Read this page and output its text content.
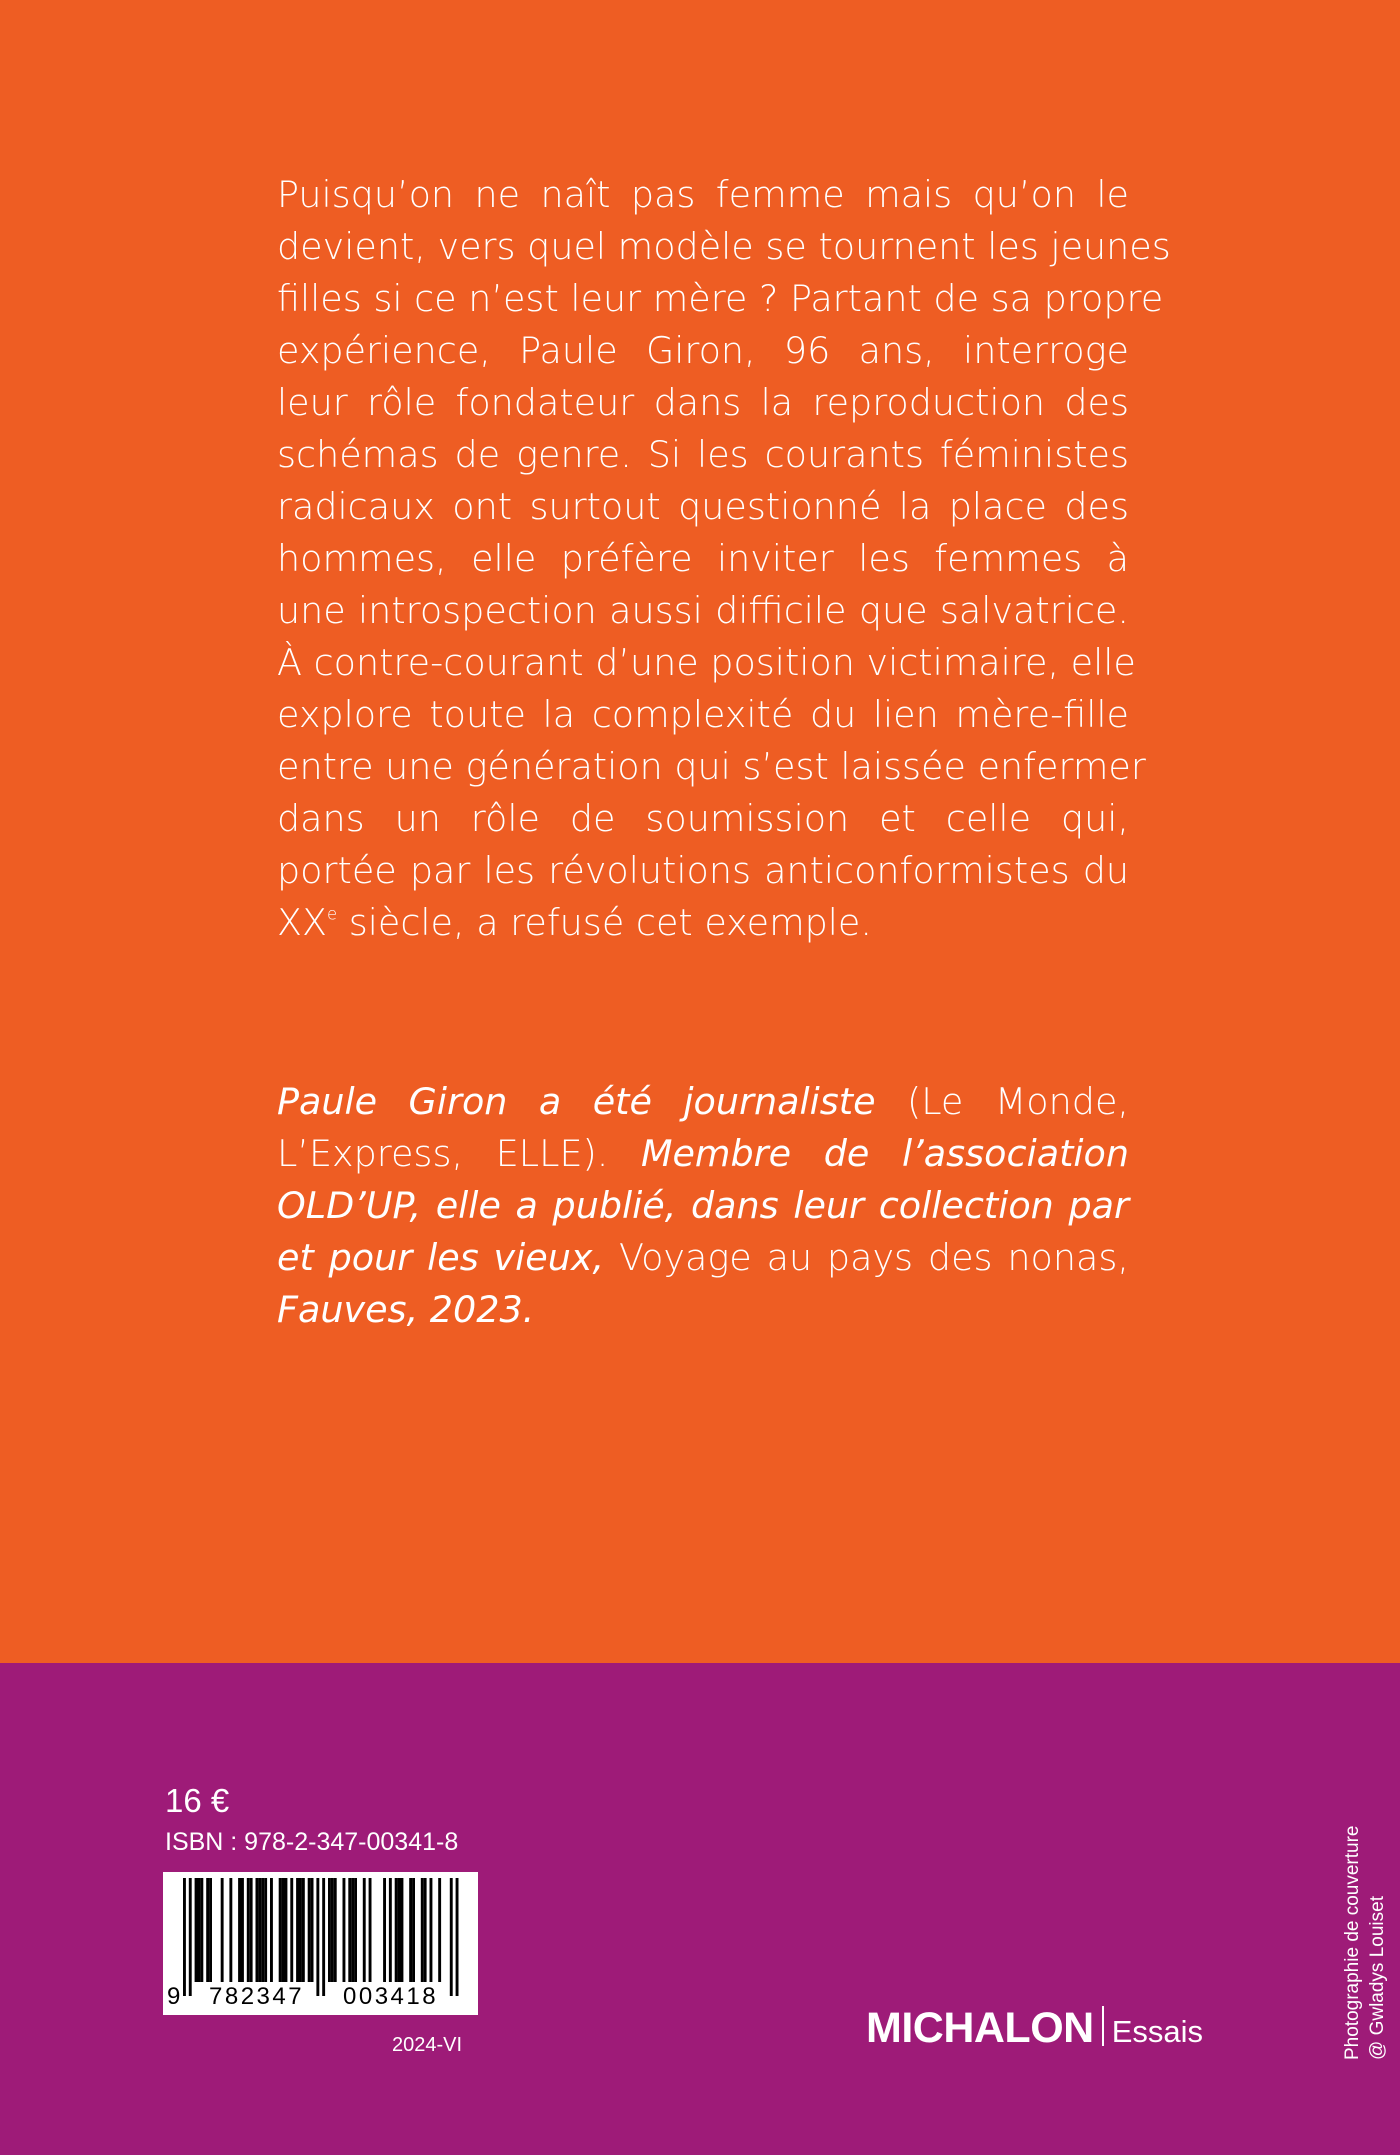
Puisqu’on ne naît pas femme mais qu’on le
devient, vers quel modèle se tournent les jeunes
filles si ce n’est leur mère ? Partant de sa propre
expérience, Paule Giron, 96 ans, interroge
leur rôle fondateur dans la reproduction des
schémas de genre. Si les courants féministes
radicaux ont surtout questionné la place des
hommes, elle préfère inviter les femmes à
une introspection aussi difficile que salvatrice.
À contre-courant d’une position victimaire, elle
explore toute la complexité du lien mère-fille
entre une génération qui s’est laissée enfermer
dans un rôle de soumission et celle qui,
portée par les révolutions anticonformistes du
XXe siècle, a refusé cet exemple.
Paule Giron a été journaliste (Le Monde,
L’Express, ELLE). Membre de l’association
OLD’UP, elle a publié, dans leur collection par
et pour les vieux, Voyage au pays des nonas,
Fauves, 2023.
16 €
ISBN : 978-2-347-00341-8
9 782347 003418
2024-VI	MICHALON Essais	Photographie de couverture @ Gwladys Louiset
